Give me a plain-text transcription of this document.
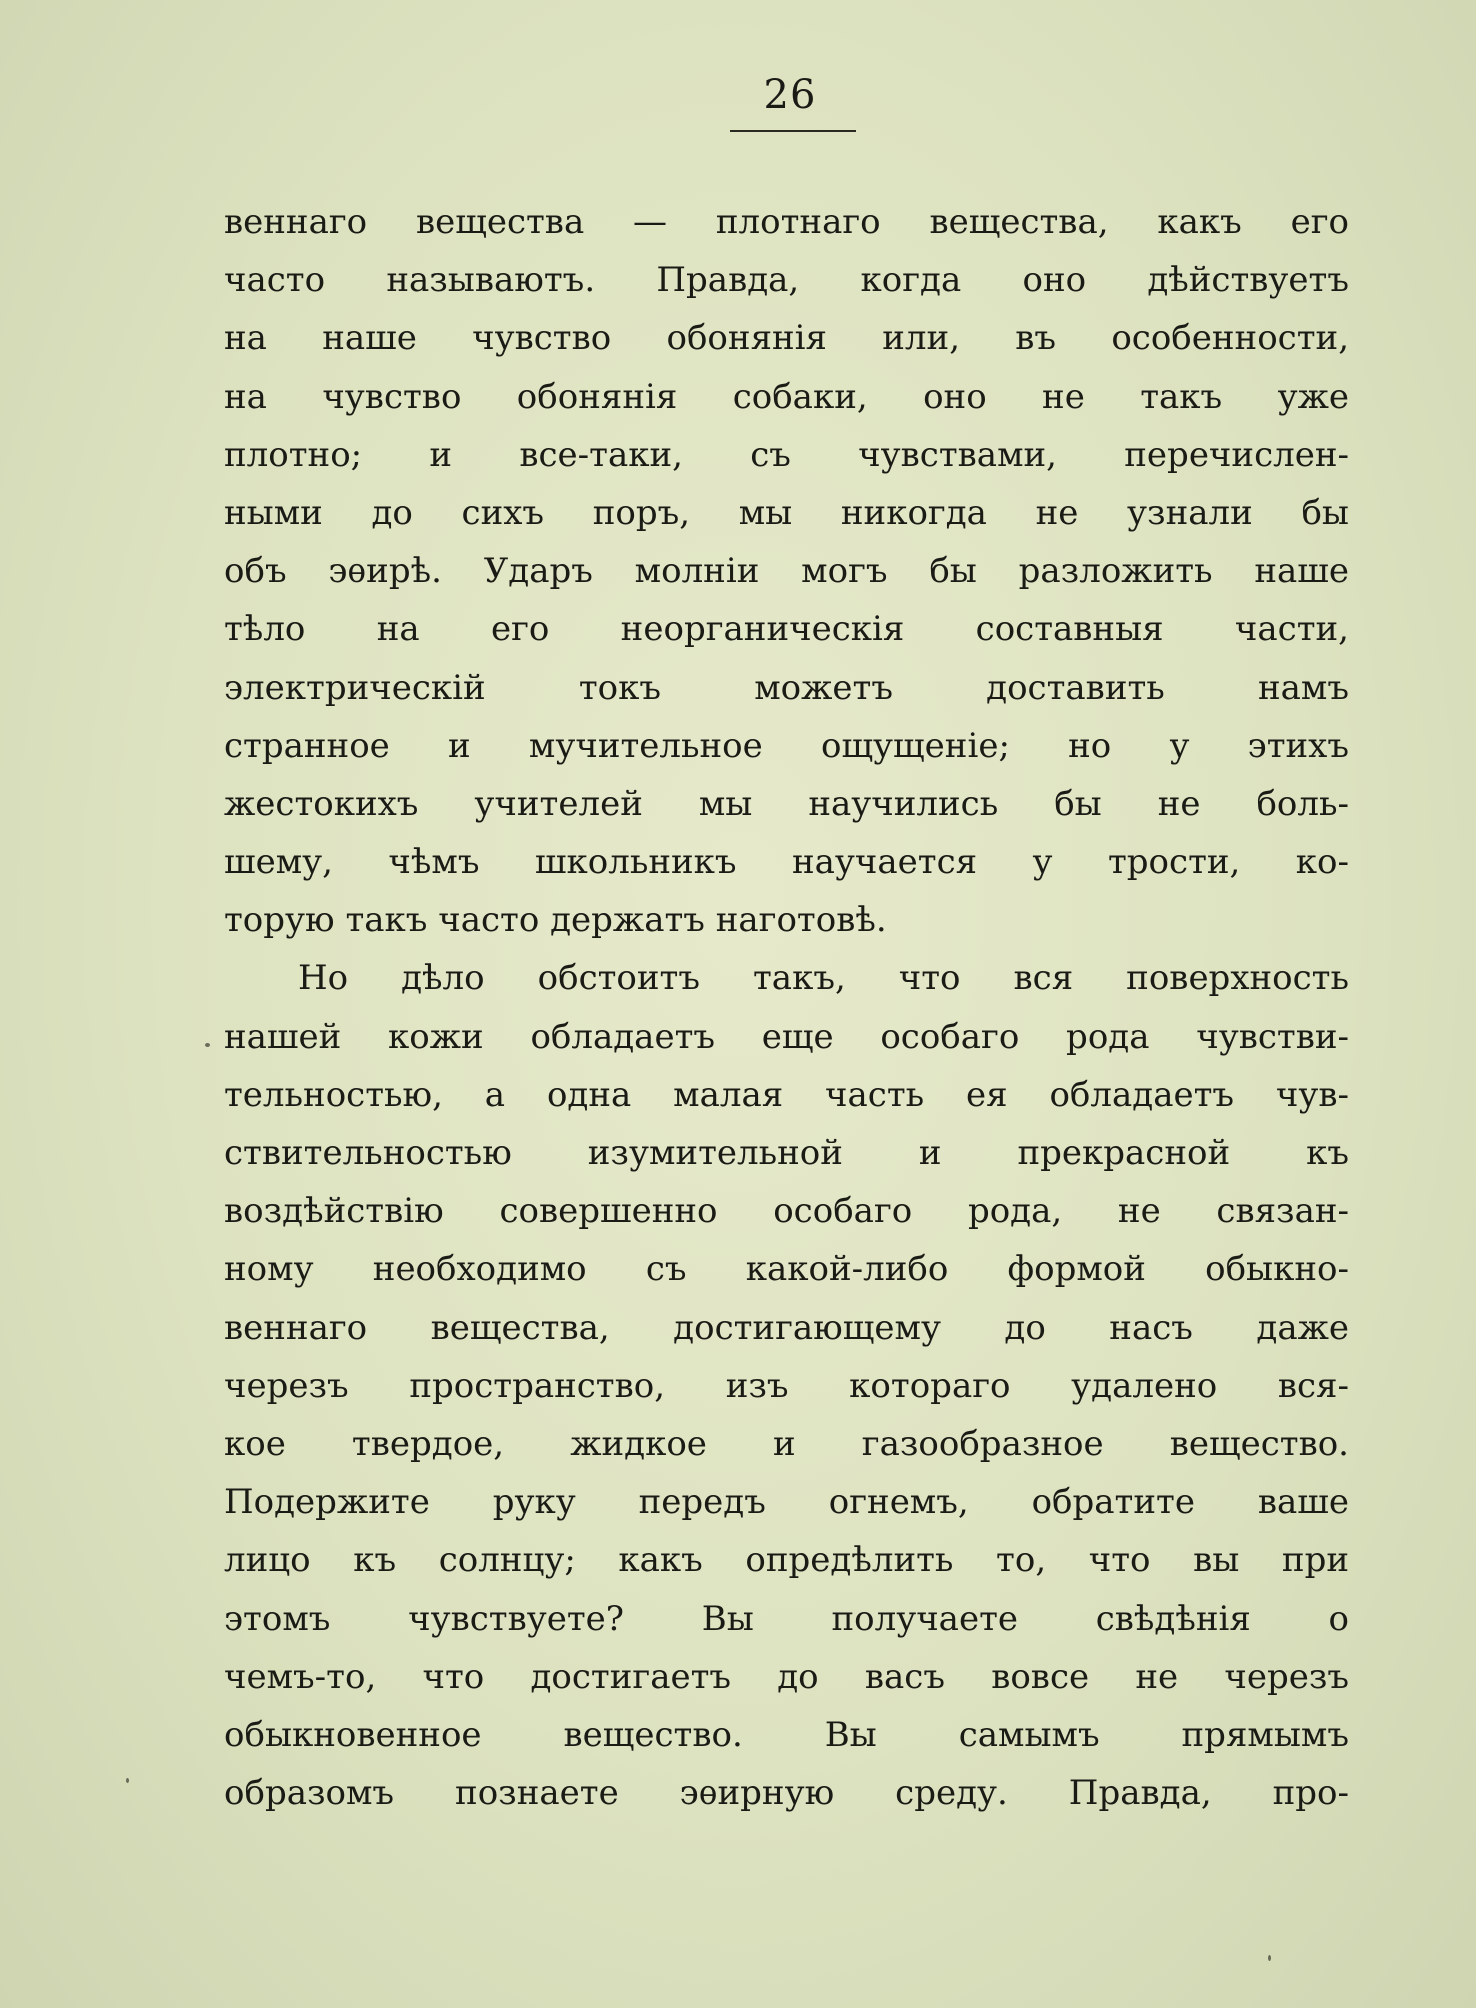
26
веннаго вещества — плотнаго вещества, какъ его
часто называютъ. Правда, когда оно дѣйствуетъ
на наше чувство обонянія или, въ особенности,
на чувство обонянія собаки, оно не такъ уже
плотно; и все-таки, съ чувствами, перечислен-
ными до сихъ поръ, мы никогда не узнали бы
объ эѳирѣ. Ударъ молніи могъ бы разложить наше
тѣло на его неорганическія составныя части,
электрическій токъ можетъ доставить намъ
странное и мучительное ощущеніе; но у этихъ
жестокихъ учителей мы научились бы не боль-
шему, чѣмъ школьникъ научается у трости, ко-
торую такъ часто держатъ наготовѣ.
Но дѣло обстоитъ такъ, что вся поверхность
нашей кожи обладаетъ еще особаго рода чувстви-
тельностью, а одна малая часть ея обладаетъ чув-
ствительностью изумительной и прекрасной къ
воздѣйствію совершенно особаго рода, не связан-
ному необходимо съ какой-либо формой обыкно-
веннаго вещества, достигающему до насъ даже
черезъ пространство, изъ котораго удалено вся-
кое твердое, жидкое и газообразное вещество.
Подержите руку передъ огнемъ, обратите ваше
лицо къ солнцу; какъ опредѣлить то, что вы при
этомъ чувствуете? Вы получаете свѣдѣнія о
чемъ-то, что достигаетъ до васъ вовсе не черезъ
обыкновенное вещество. Вы самымъ прямымъ
образомъ познаете эѳирную среду. Правда, про-
